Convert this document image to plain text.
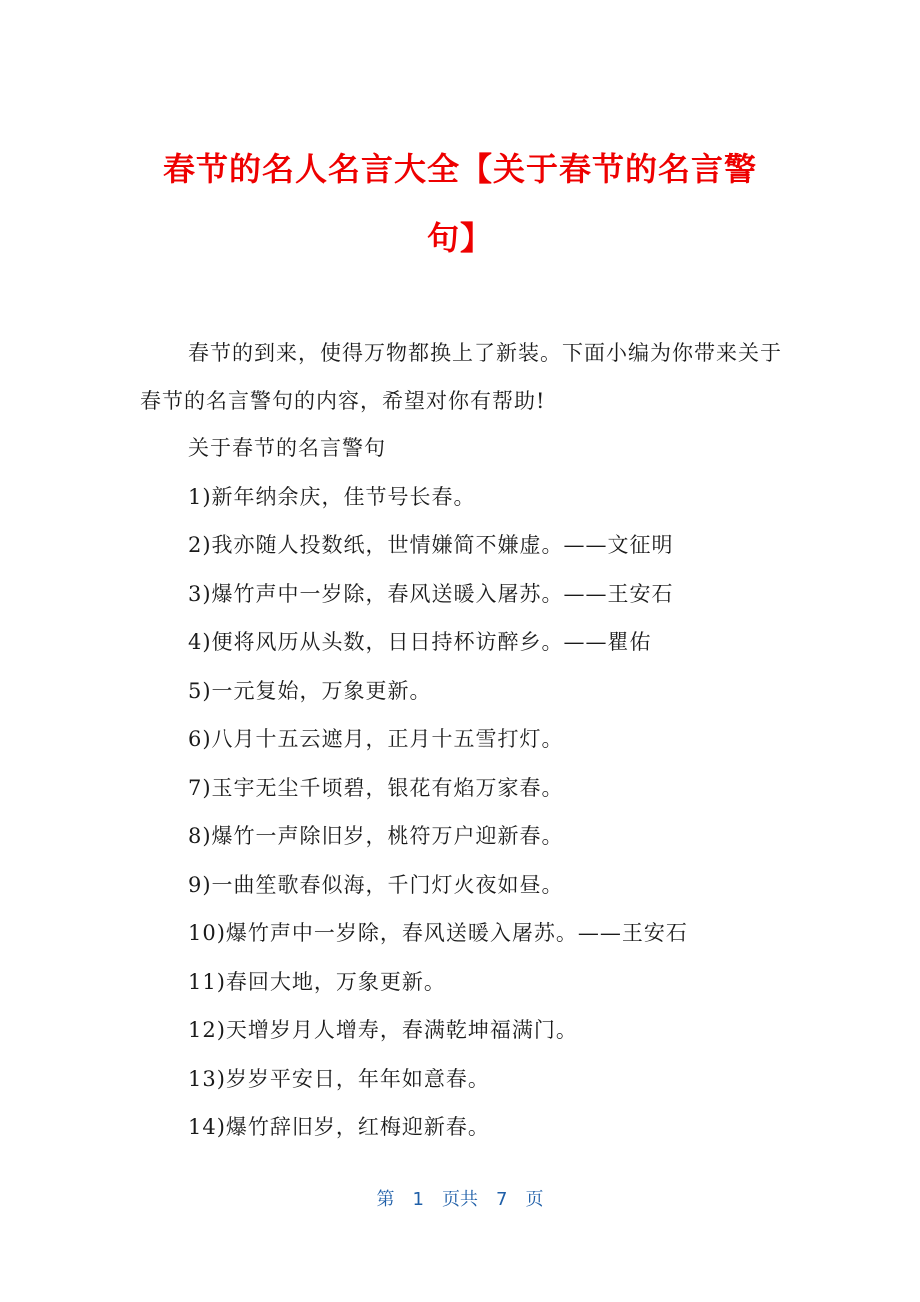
春节的名人名言大全【关于春节的名言警
句】

春节的到来，使得万物都换上了新装。下面小编为你带来关于春节的名言警句的内容，希望对你有帮助!

关于春节的名言警句
1)新年纳余庆，佳节号长春。
2)我亦随人投数纸，世情嫌简不嫌虚。——文征明
3)爆竹声中一岁除，春风送暖入屠苏。——王安石
4)便将风历从头数，日日持杯访醉乡。——瞿佑
5)一元复始，万象更新。
6)八月十五云遮月，正月十五雪打灯。
7)玉宇无尘千顷碧，银花有焰万家春。
8)爆竹一声除旧岁，桃符万户迎新春。
9)一曲笙歌春似海，千门灯火夜如昼。
10)爆竹声中一岁除，春风送暖入屠苏。——王安石
11)春回大地，万象更新。
12)天增岁月人增寿，春满乾坤福满门。
13)岁岁平安日，年年如意春。
14)爆竹辞旧岁，红梅迎新春。
第 1 页共 7 页
